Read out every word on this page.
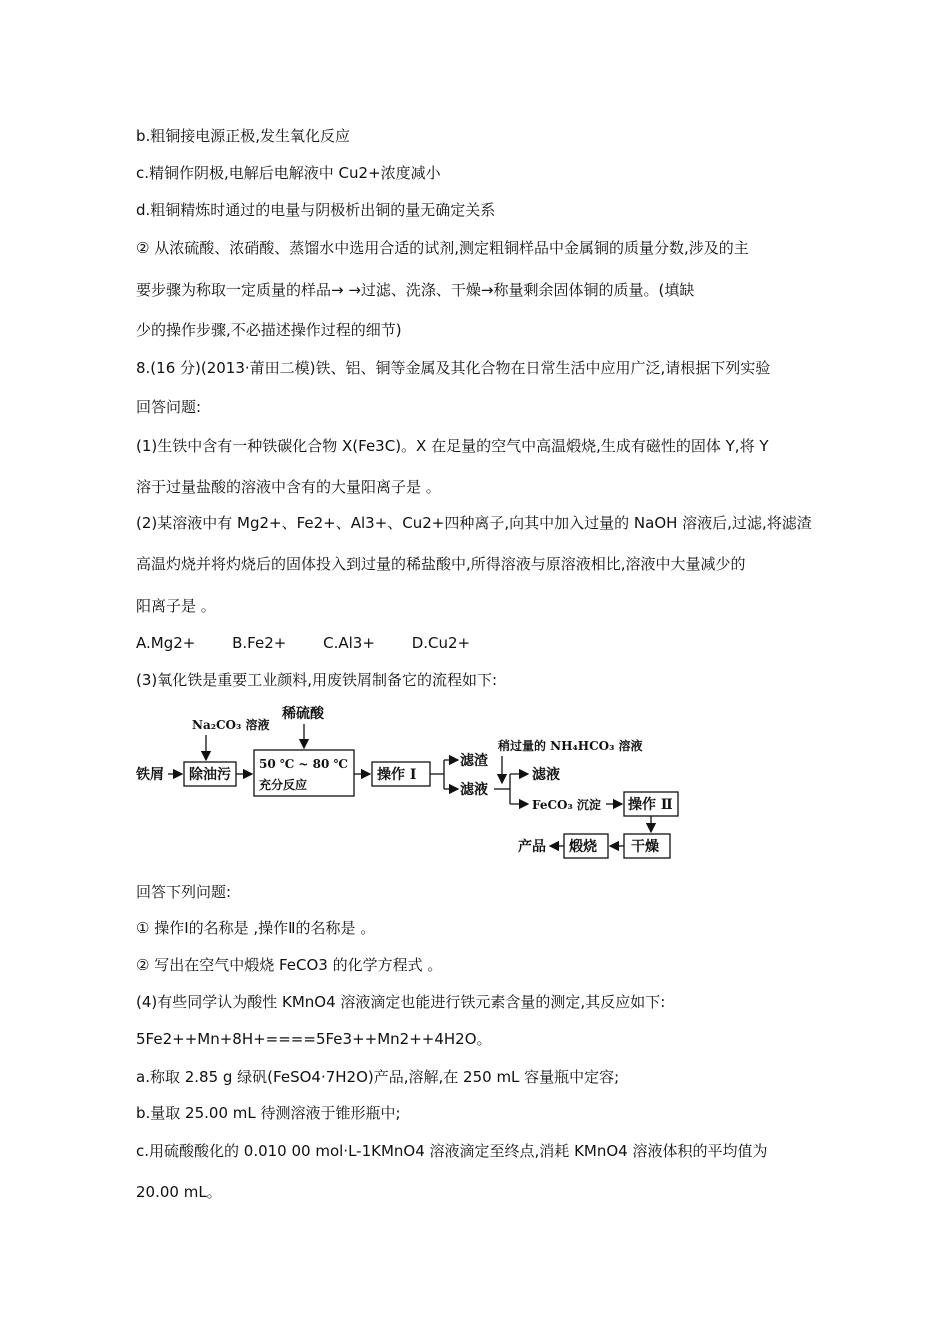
b.粗铜接电源正极,发生氧化反应
c.精铜作阴极,电解后电解液中 Cu2+浓度减小
d.粗铜精炼时通过的电量与阴极析出铜的量无确定关系
② 从浓硫酸、浓硝酸、蒸馏水中选用合适的试剂,测定粗铜样品中金属铜的质量分数,涉及的主
要步骤为称取一定质量的样品→ →过滤、洗涤、干燥→称量剩余固体铜的质量。(填缺
少的操作步骤,不必描述操作过程的细节)
8.(16 分)(2013·莆田二模)铁、铝、铜等金属及其化合物在日常生活中应用广泛,请根据下列实验
回答问题:
(1)生铁中含有一种铁碳化合物 X(Fe3C)。X 在足量的空气中高温煅烧,生成有磁性的固体 Y,将 Y
溶于过量盐酸的溶液中含有的大量阳离子是 。
(2)某溶液中有 Mg2+、Fe2+、Al3+、Cu2+四种离子,向其中加入过量的 NaOH 溶液后,过滤,将滤渣
高温灼烧并将灼烧后的固体投入到过量的稀盐酸中,所得溶液与原溶液相比,溶液中大量减少的
阳离子是 。
A.Mg2+ B.Fe2+ C.Al3+ D.Cu2+
(3)氧化铁是重要工业颜料,用废铁屑制备它的流程如下:
铁屑
Na₂CO₃ 溶液
除油污
稀硫酸
50 ℃ ~ 80 ℃
充分反应
操作 Ⅰ
滤渣
滤液
稍过量的 NH₄HCO₃ 溶液
滤液
FeCO₃ 沉淀 操作 Ⅱ
干燥
煅烧
产品
回答下列问题:
① 操作Ⅰ的名称是 ,操作Ⅱ的名称是 。
② 写出在空气中煅烧 FeCO3 的化学方程式 。
(4)有些同学认为酸性 KMnO4 溶液滴定也能进行铁元素含量的测定,其反应如下:
5Fe2++Mn+8H+====5Fe3++Mn2++4H2O。
a.称取 2.85 g 绿矾(FeSO4·7H2O)产品,溶解,在 250 mL 容量瓶中定容;
b.量取 25.00 mL 待测溶液于锥形瓶中;
c.用硫酸酸化的 0.010 00 mol·L-1KMnO4 溶液滴定至终点,消耗 KMnO4 溶液体积的平均值为
20.00 mL。
